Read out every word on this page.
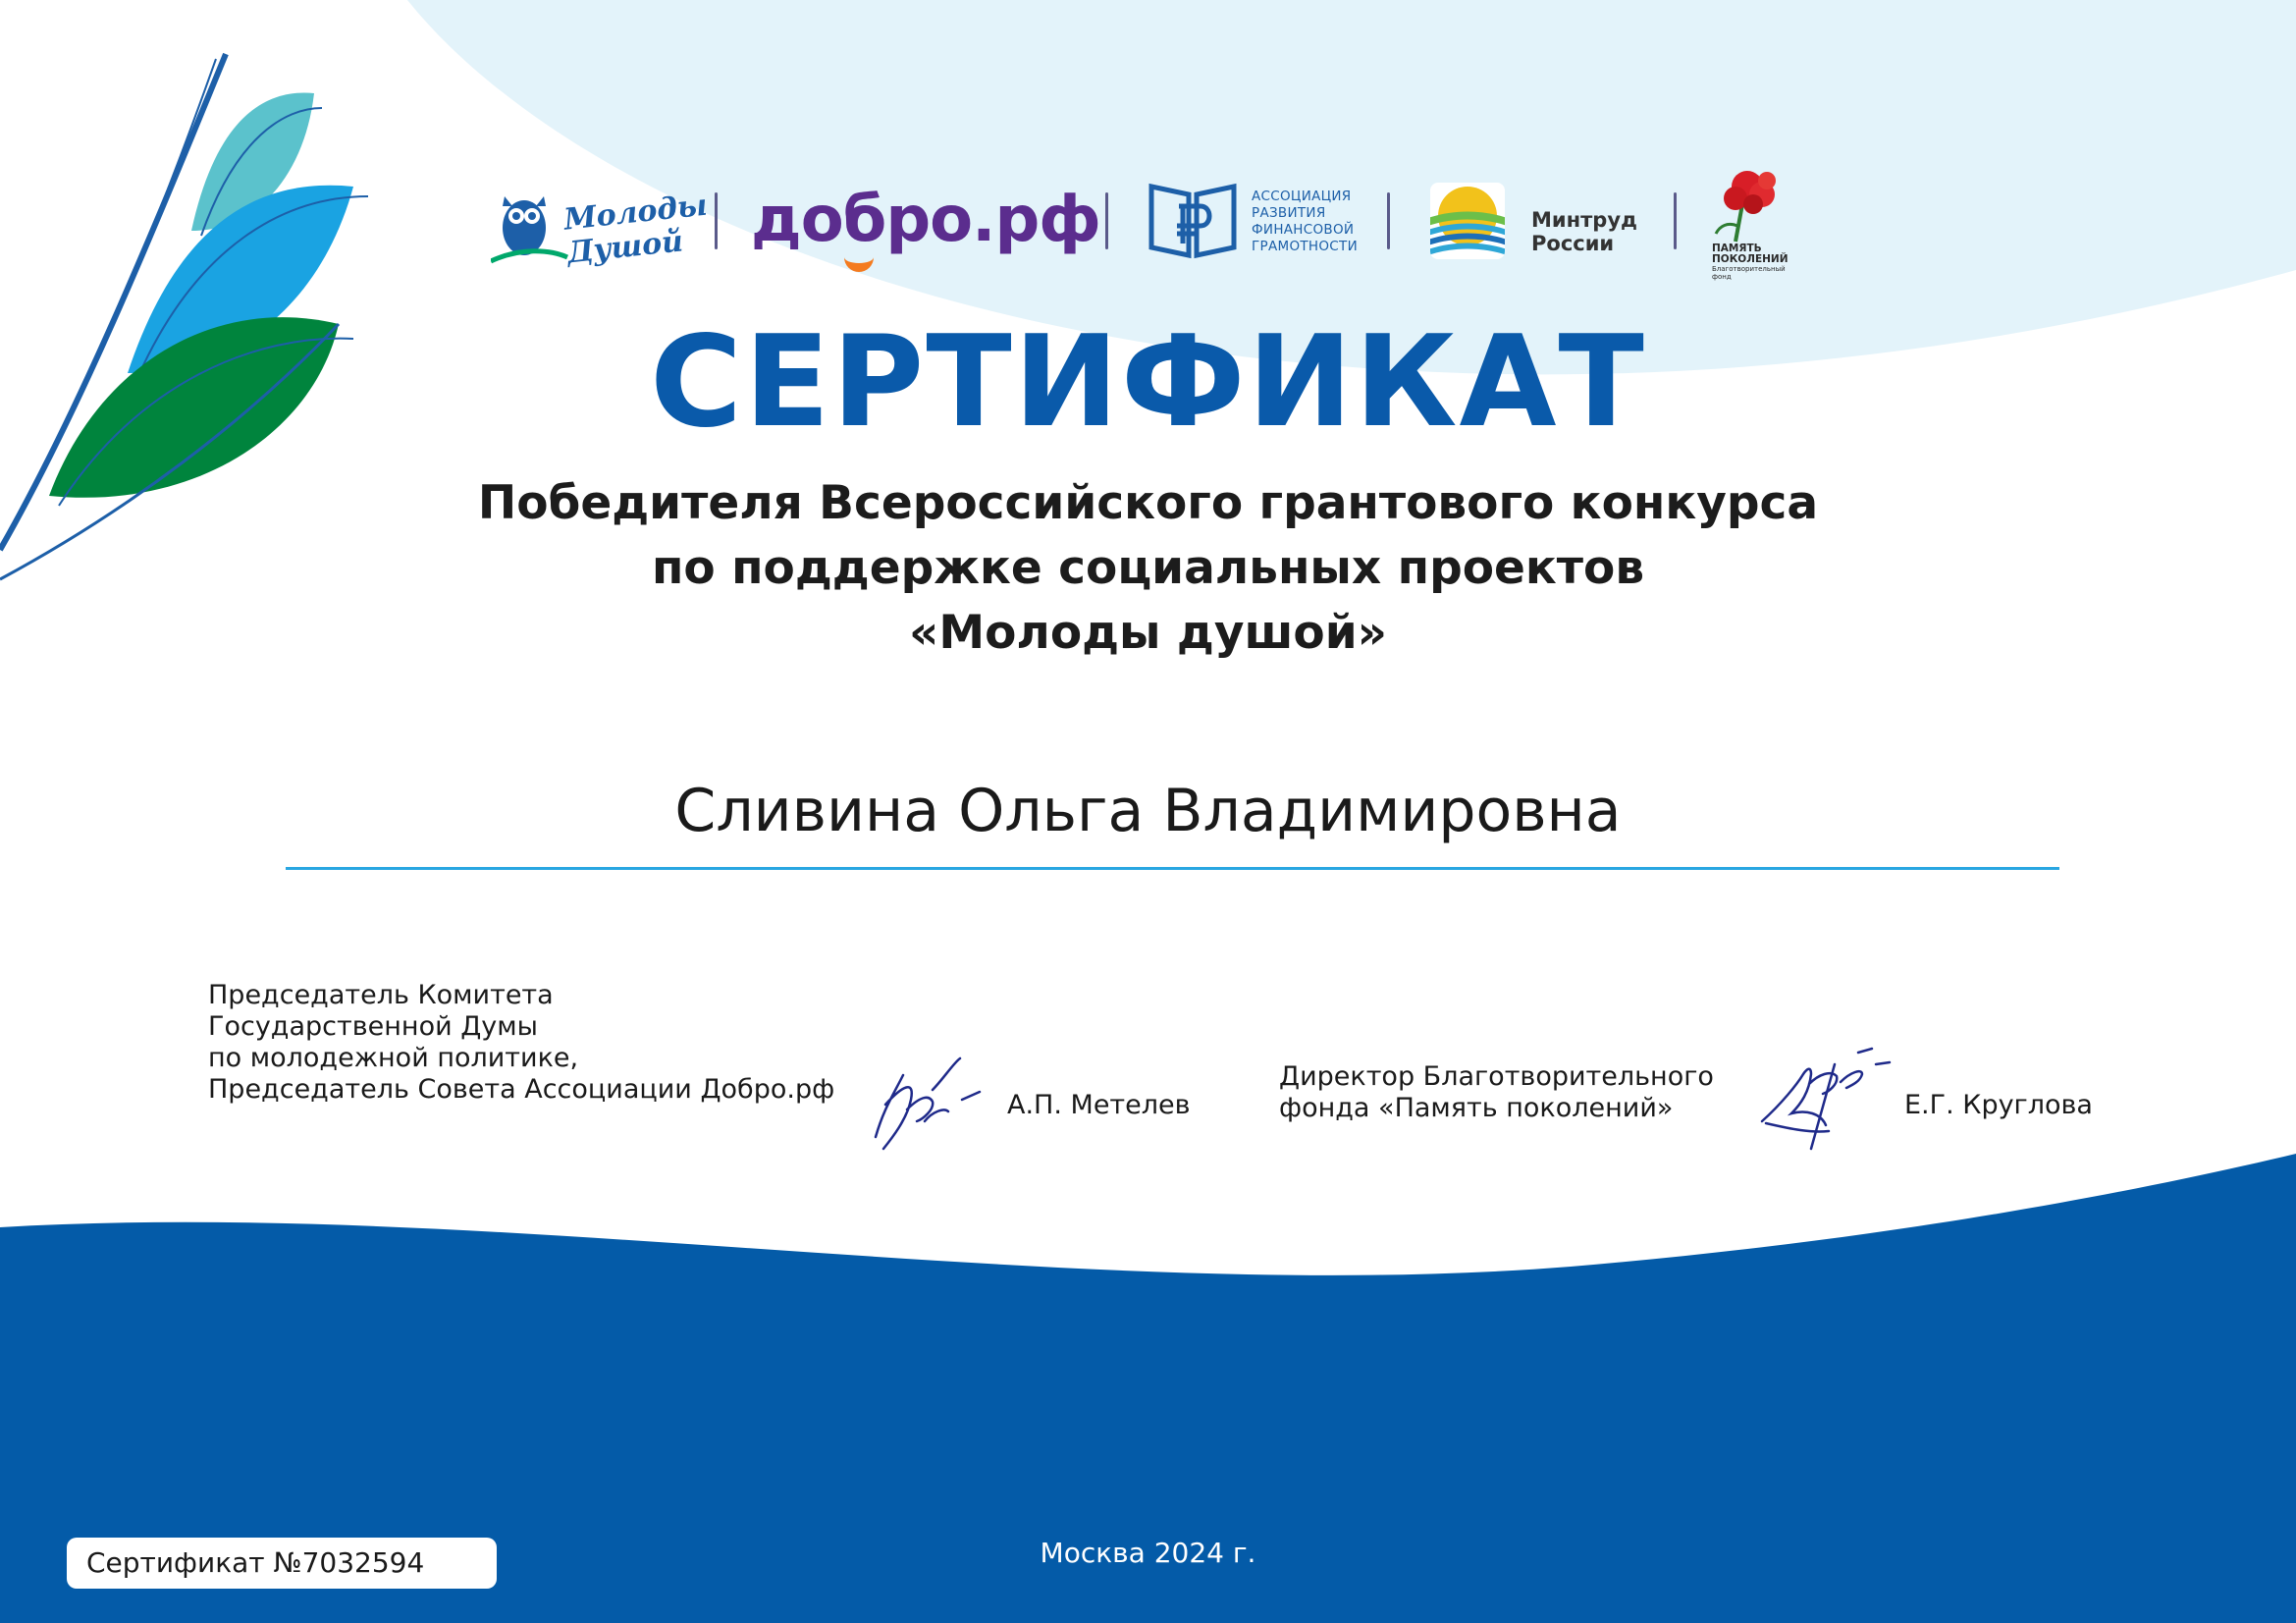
Молоды Душой	добро.рф	АССОЦИАЦИЯ
РАЗВИТИЯ
ФИНАНСОВОЙ
ГРАМОТНОСТИ
Минтруд
России	ПАМЯТЬ
ПОКОЛЕНИЙ
Благотворительный фонд
СЕРТИФИКАТ
Победителя Всероссийского грантового конкурса
по поддержке социальных проектов
«Молоды душой»
Сливина Ольга Владимировна
Председатель Комитета
Государственной Думы
по молодежной политике,
Председатель Совета Ассоциации Добро.рф
А.П. Метелев
Директор Благотворительного
фонда «Память поколений»	Е.Г. Круглова
Сертификат №7032594	Москва 2024 г.
